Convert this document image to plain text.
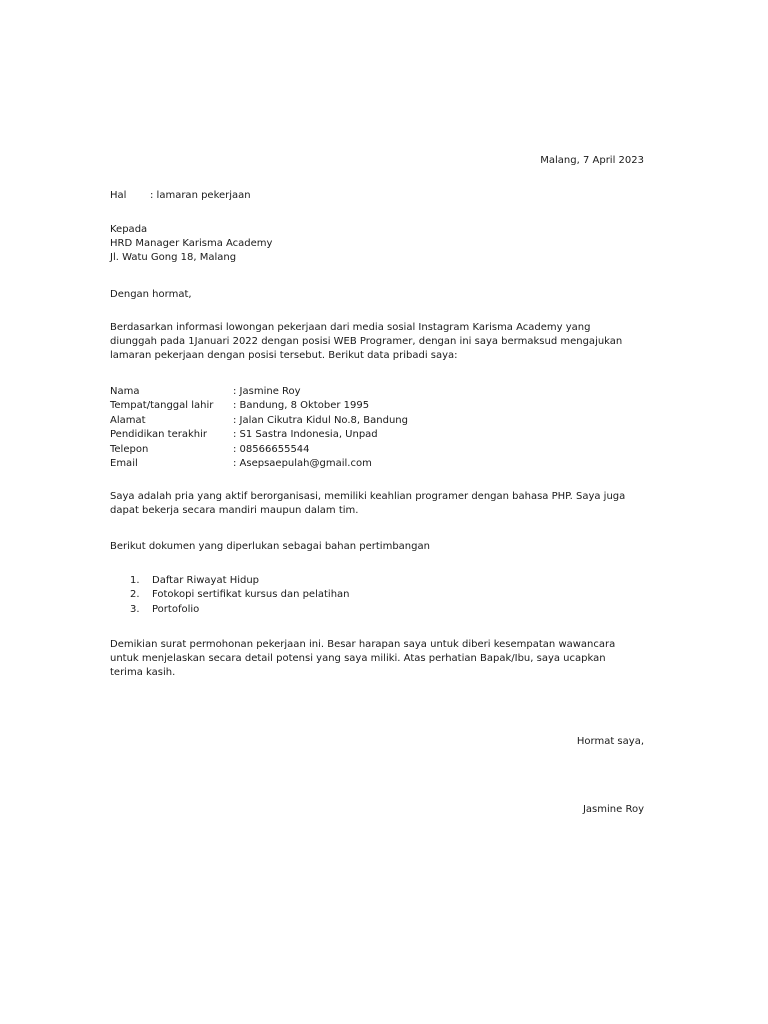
Malang, 7 April 2023
Hal : lamaran pekerjaan
Kepada
HRD Manager Karisma Academy
Jl. Watu Gong 18, Malang
Dengan hormat,

Berdasarkan informasi lowongan pekerjaan dari media sosial Instagram Karisma Academy yang

diunggah pada 1Januari 2022 dengan posisi WEB Programer, dengan ini saya bermaksud mengajukan

lamaran pekerjaan dengan posisi tersebut. Berikut data pribadi saya:

Nama	: Jasmine Roy
Tempat/tanggal lahir : Bandung, 8 Oktober 1995
Alamat	: Jalan Cikutra Kidul No.8, Bandung
Pendidikan terakhir	: S1 Sastra Indonesia, Unpad
Telepon	: 08566655544
Email	: Asepsaepulah@gmail.com

Saya adalah pria yang aktif berorganisasi, memiliki keahlian programer dengan bahasa PHP. Saya juga

dapat bekerja secara mandiri maupun dalam tim.

Berikut dokumen yang diperlukan sebagai bahan pertimbangan
1. Daftar Riwayat Hidup
2. Fotokopi sertifikat kursus dan pelatihan
3. Portofolio

Demikian surat permohonan pekerjaan ini. Besar harapan saya untuk diberi kesempatan wawancara

untuk menjelaskan secara detail potensi yang saya miliki. Atas perhatian Bapak/Ibu, saya ucapkan

terima kasih.

Hormat saya,
Jasmine Roy
